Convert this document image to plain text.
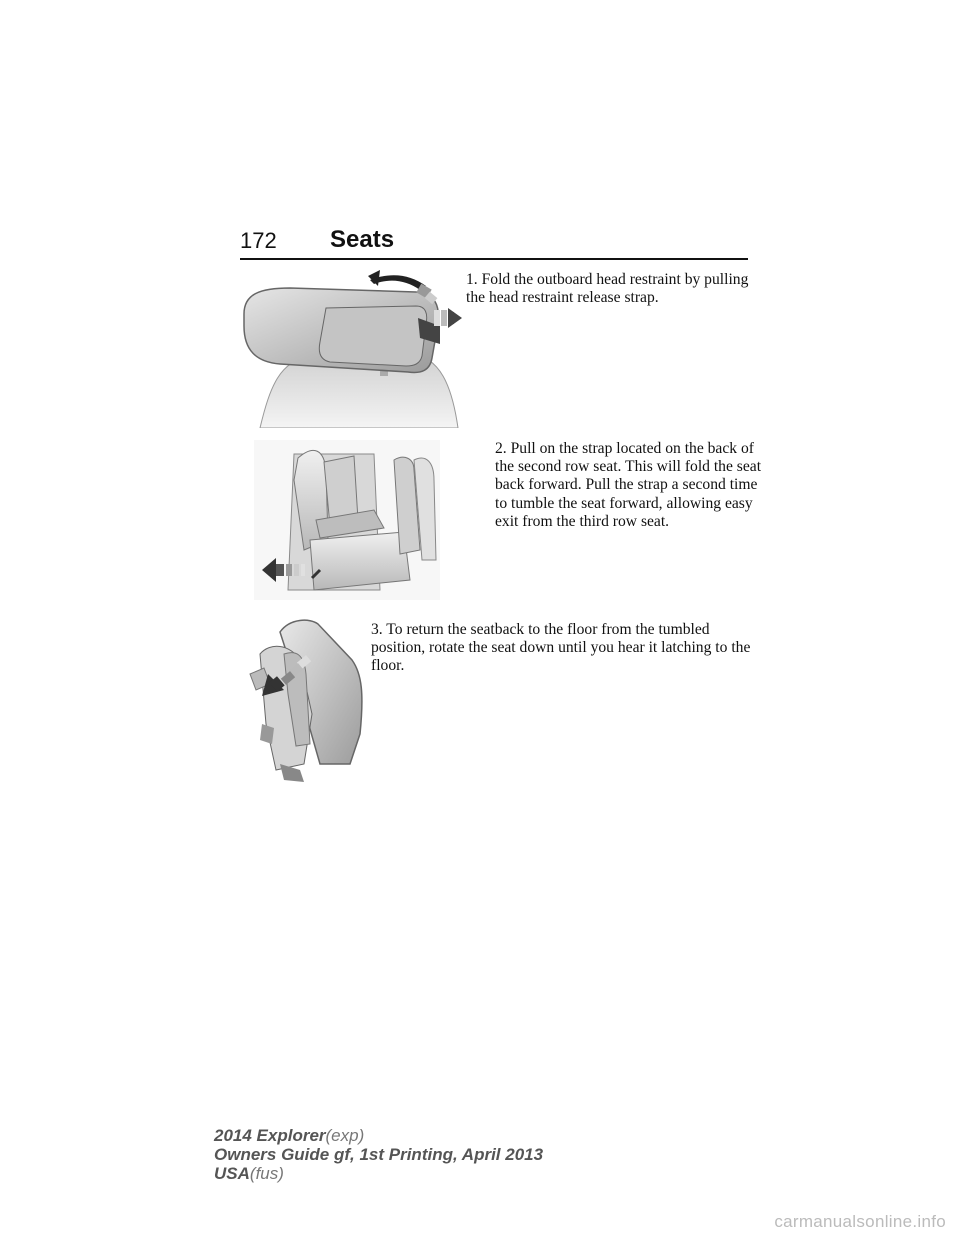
172 Seats
1. Fold the outboard head restraint by pulling the head restraint release strap.
2. Pull on the strap located on the back of the second row seat. This will fold the seat back forward. Pull the strap a second time to tumble the seat forward, allowing easy exit from the third row seat.
3. To return the seatback to the floor from the tumbled position, rotate the seat down until you hear it latching to the floor.
2014 Explorer(exp)
Owners Guide gf, 1st Printing, April 2013
USA(fus)
carmanualsonline.info
